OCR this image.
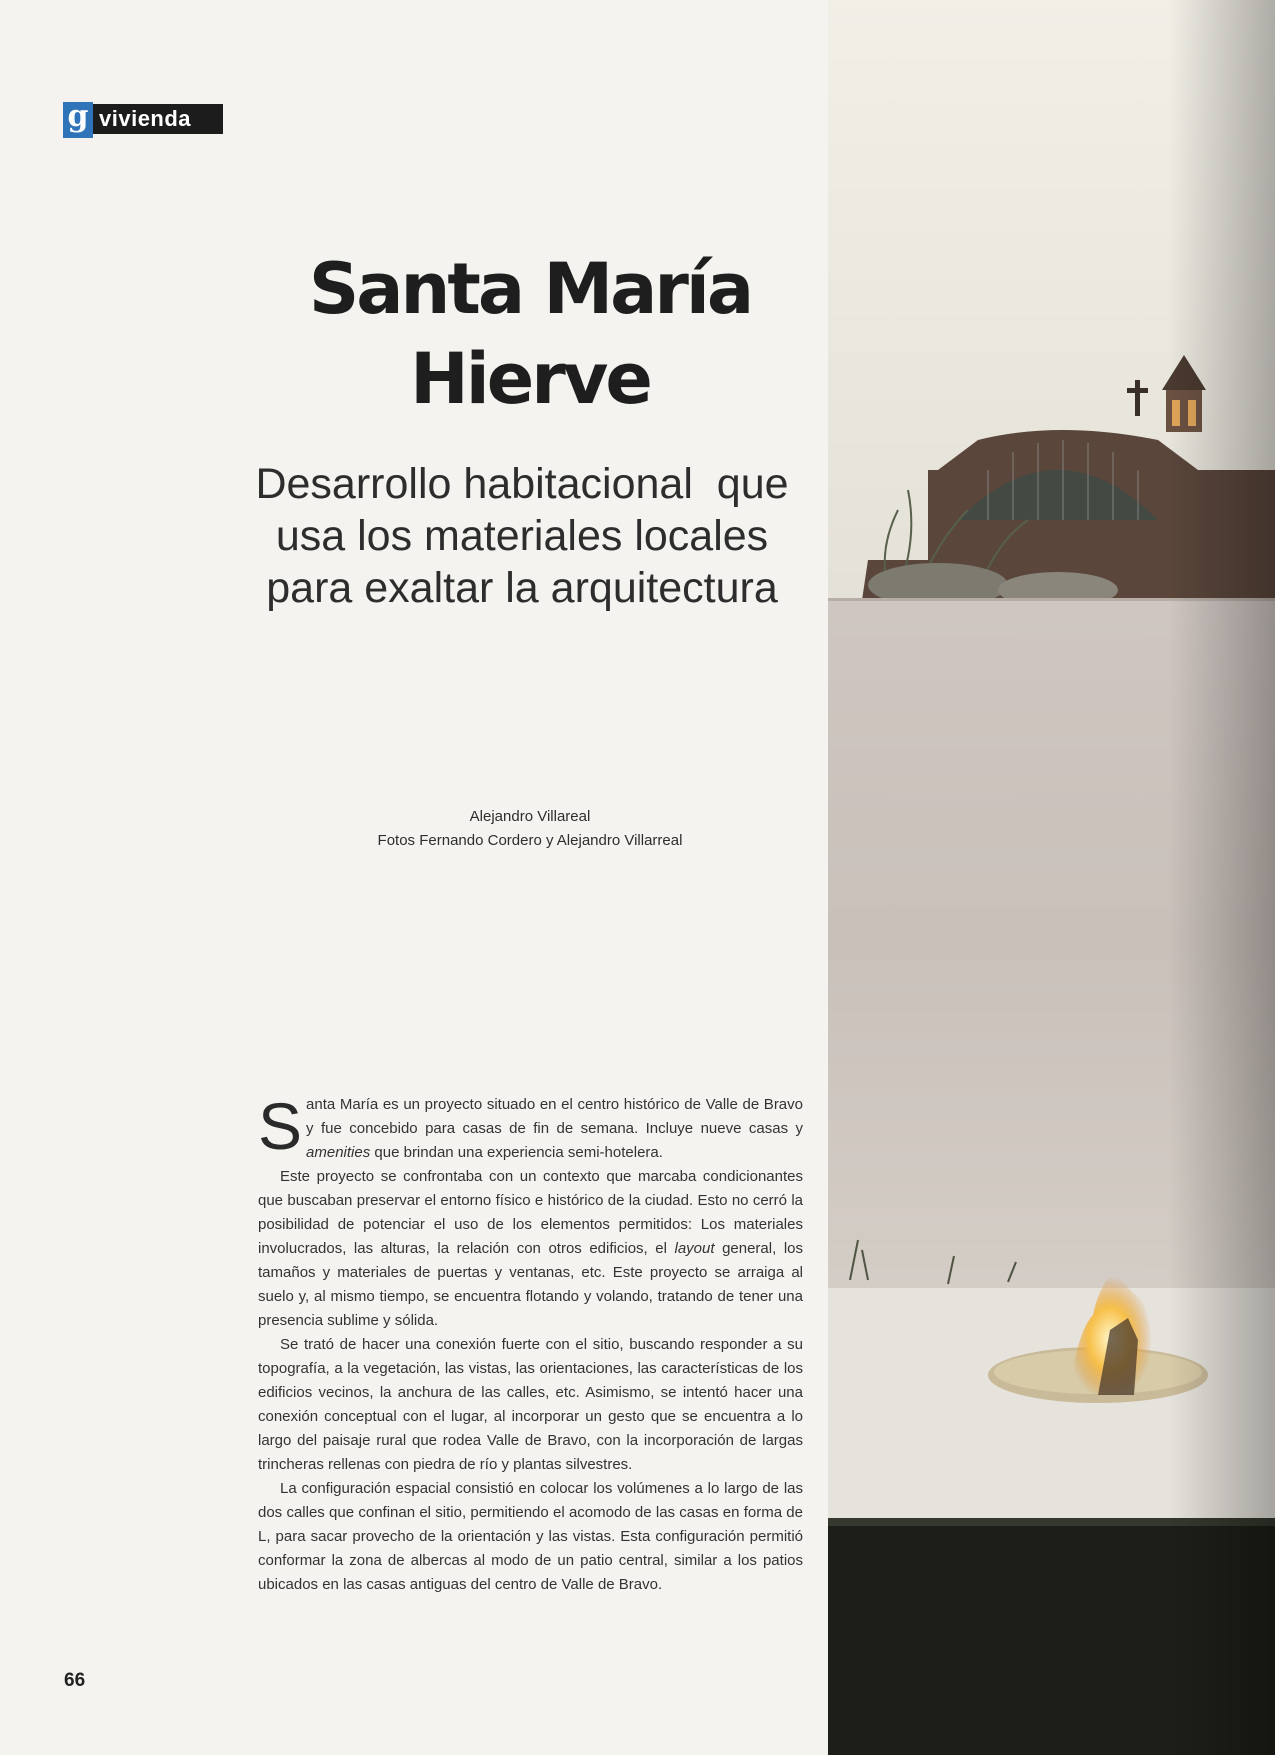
g vivienda
Santa María
Hierve
Desarrollo habitacional  que
usa los materiales locales
para exaltar la arquitectura
Alejandro Villareal
Fotos Fernando Cordero y Alejandro Villarreal

Santa María es un proyecto situado en el centro histórico de Valle de Bravo y fue concebido para casas de fin de semana. Incluye nueve casas y amenities que brindan una experiencia semi-hotelera.

Este proyecto se confrontaba con un contexto que marcaba condicionantes que buscaban preservar el entorno físico e histórico de la ciudad. Esto no cerró la posibilidad de potenciar el uso de los elementos permitidos: Los materiales involucrados, las alturas, la relación con otros edificios, el layout general, los tamaños y materiales de puertas y ventanas, etc. Este proyecto se arraiga al suelo y, al mismo tiempo, se encuentra flotando y volando, tratando de tener una presencia sublime y sólida.

Se trató de hacer una conexión fuerte con el sitio, buscando responder a su topografía, a la vegetación, las vistas, las orientaciones, las características de los edificios vecinos, la anchura de las calles, etc. Asimismo, se intentó hacer una conexión conceptual con el lugar, al incorporar un gesto que se encuentra a lo largo del paisaje rural que rodea Valle de Bravo, con la incorporación de largas trincheras rellenas con piedra de río y plantas silvestres.

La configuración espacial consistió en colocar los volúmenes a lo largo de las dos calles que confinan el sitio, permitiendo el acomodo de las casas en forma de L, para sacar provecho de la orientación y las vistas. Esta configuración permitió conformar la zona de albercas al modo de un patio central, similar a los patios ubicados en las casas antiguas del centro de Valle de Bravo.

66
